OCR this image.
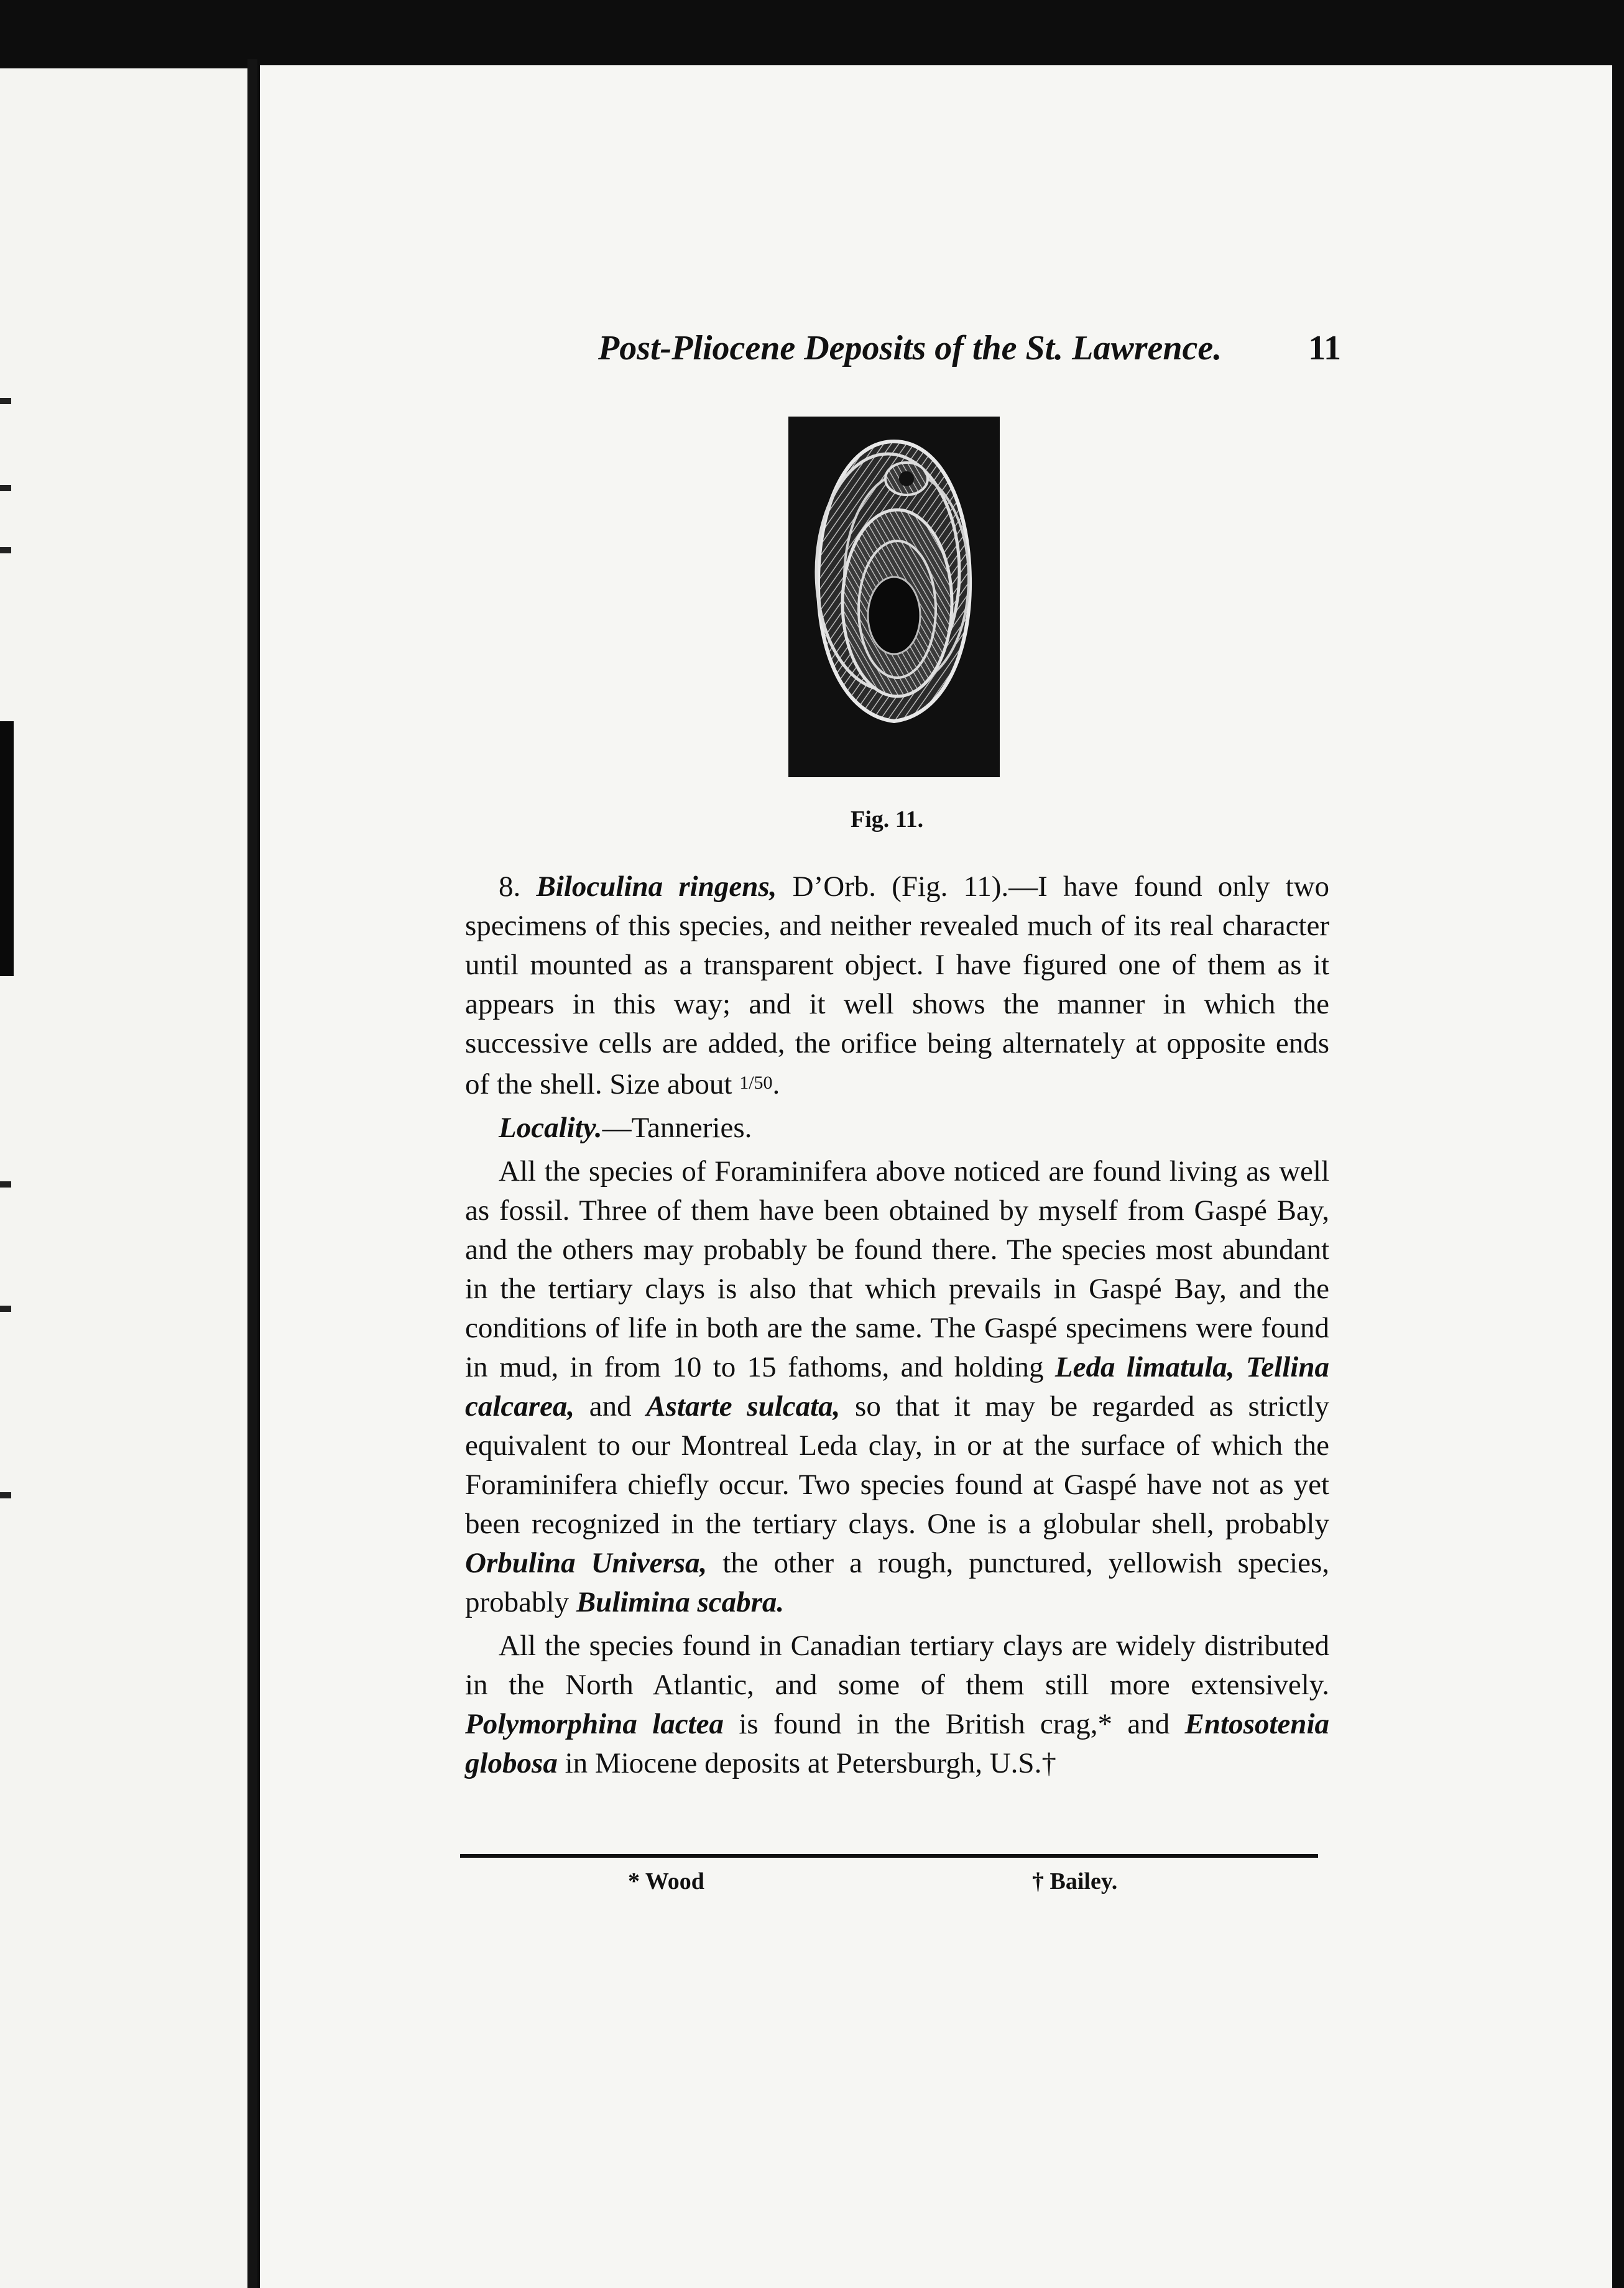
Post-Pliocene Deposits of the St. Lawrence. 11
Fig. 11.

8. Biloculina ringens, D’Orb. (Fig. 11).—I have found only two specimens of this species, and neither revealed much of its real character until mounted as a transparent object. I have figured one of them as it appears in this way; and it well shows the manner in which the successive cells are added, the orifice being alternately at opposite ends of the shell. Size about 1/50.

Locality.—Tanneries.

All the species of Foraminifera above noticed are found living as well as fossil. Three of them have been obtained by myself from Gaspé Bay, and the others may probably be found there. The species most abundant in the tertiary clays is also that which prevails in Gaspé Bay, and the conditions of life in both are the same. The Gaspé specimens were found in mud, in from 10 to 15 fathoms, and holding Leda limatula, Tellina calcarea, and Astarte sulcata, so that it may be regarded as strictly equivalent to our Montreal Leda clay, in or at the surface of which the Foraminifera chiefly occur. Two species found at Gaspé have not as yet been recognized in the tertiary clays. One is a globular shell, probably Orbulina Universa, the other a rough, punctured, yellowish species, probably Bulimina scabra.

All the species found in Canadian tertiary clays are widely distributed in the North Atlantic, and some of them still more extensively. Polymorphina lactea is found in the British crag,* and Entosotenia globosa in Miocene deposits at Petersburgh, U.S.†

* Wood	† Bailey.
